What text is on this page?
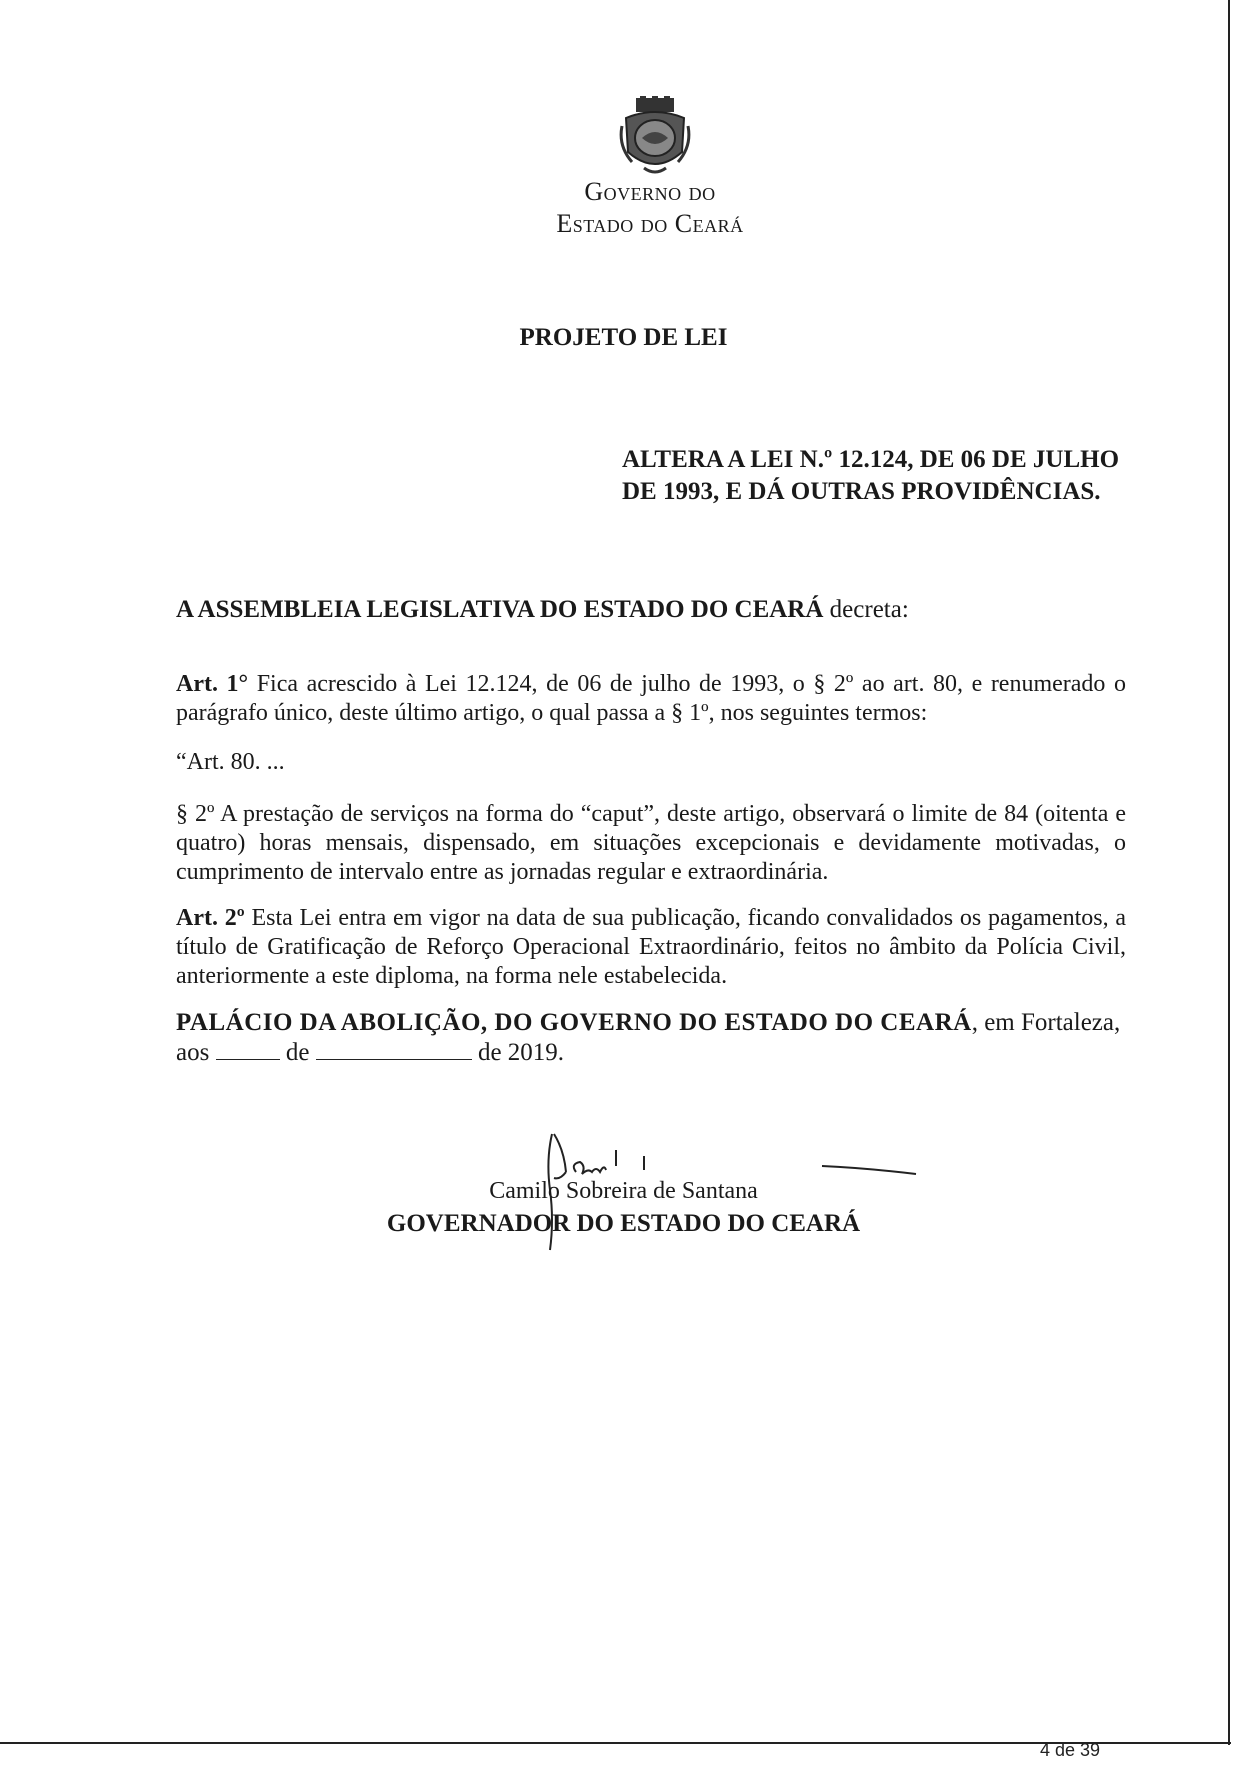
Governo do
Estado do Ceará
PROJETO DE LEI
ALTERA A LEI N.º 12.124, DE 06 DE JULHO
DE 1993, E DÁ OUTRAS PROVIDÊNCIAS.
A ASSEMBLEIA LEGISLATIVA DO ESTADO DO CEARÁ decreta:
Art. 1° Fica acrescido à Lei 12.124, de 06 de julho de 1993, o § 2º ao art. 80, e renumerado o parágrafo único, deste último artigo, o qual passa a § 1º, nos seguintes termos:
“Art. 80. ...
§ 2º A prestação de serviços na forma do “caput”, deste artigo, observará o limite de 84 (oitenta e quatro) horas mensais, dispensado, em situações excepcionais e devidamente motivadas, o cumprimento de intervalo entre as jornadas regular e extraordinária.
Art. 2º Esta Lei entra em vigor na data de sua publicação, ficando convalidados os pagamentos, a título de Gratificação de Reforço Operacional Extraordinário, feitos no âmbito da Polícia Civil, anteriormente a este diploma, na forma nele estabelecida.
PALÁCIO DA ABOLIÇÃO, DO GOVERNO DO ESTADO DO CEARÁ, em Fortaleza,
aos	de	de 2019.
Camilo Sobreira de Santana
GOVERNADOR DO ESTADO DO CEARÁ
4 de 39
